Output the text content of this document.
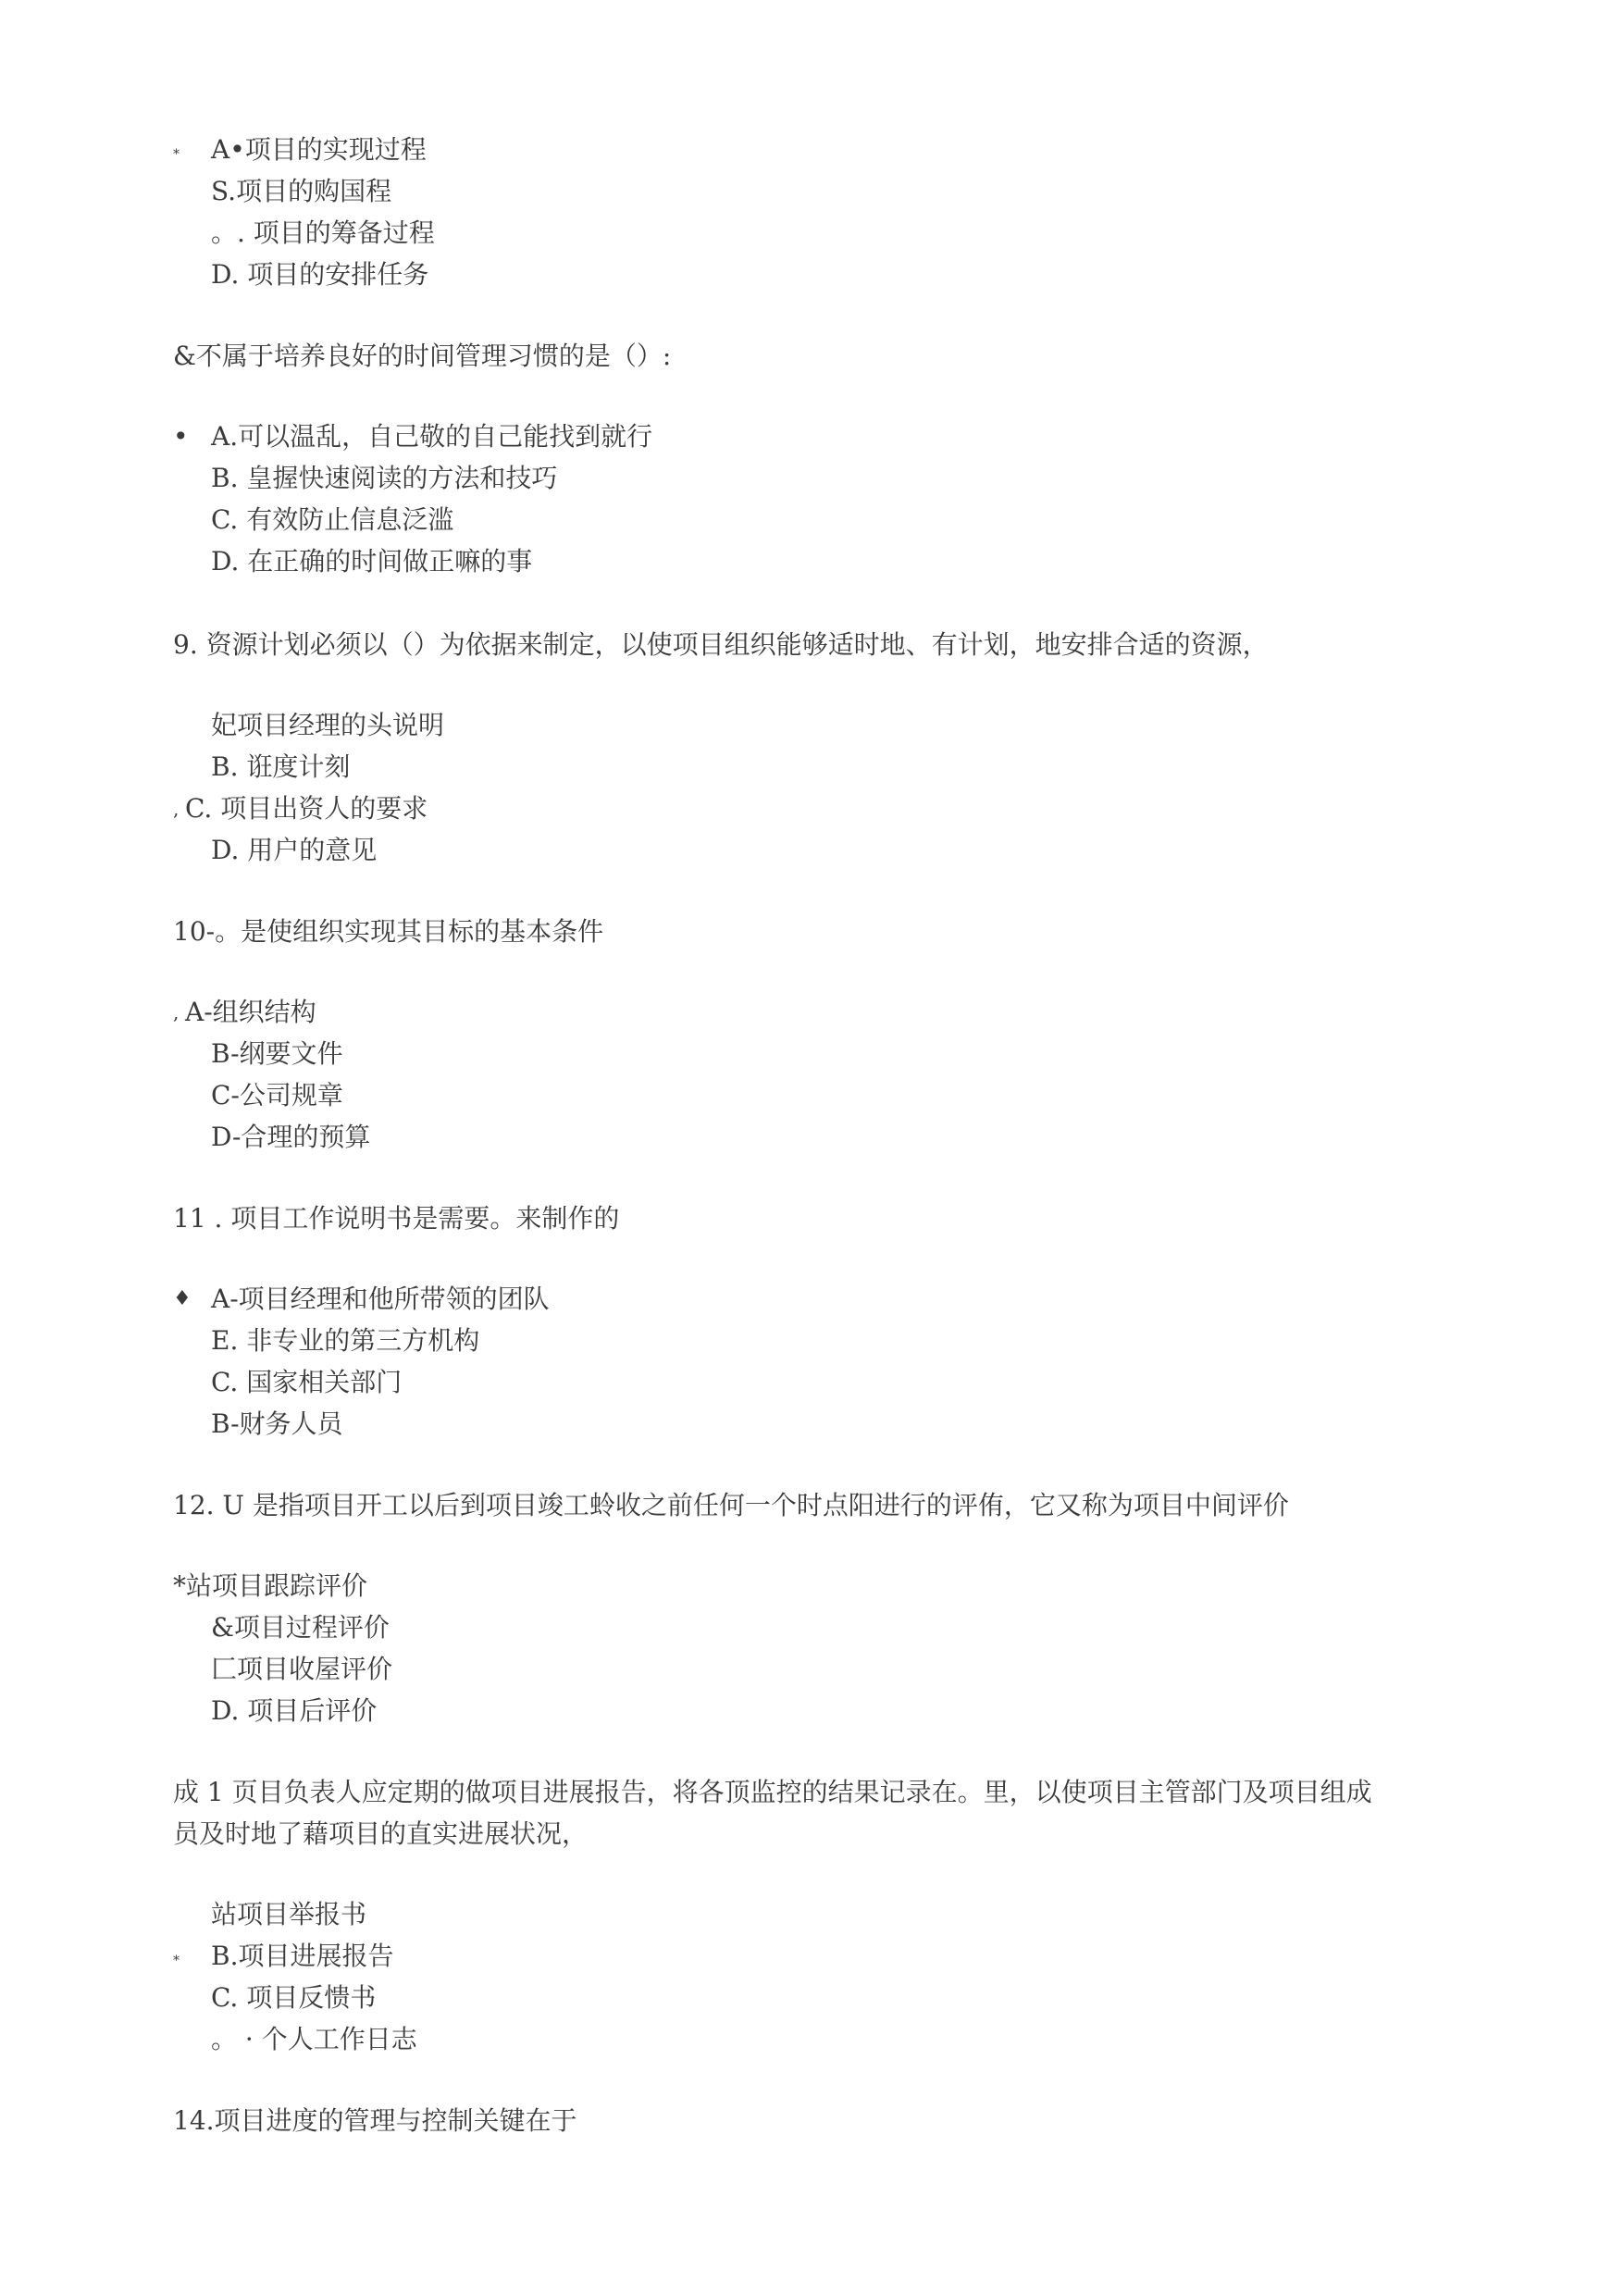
* A•项目的实现过程
S.项目的购国程
。. 项目的筹备过程
D. 项目的安排任务
&不属于培养良好的时间管理习惯的是（）:
• A.可以温乱，自己敬的自己能找到就行
B. 皇握快速阅读的方法和技巧
C. 有效防止信息泛滥
D. 在正确的时间做正嘛的事
9. 资源计划必须以（）为依据来制定，以使项目组织能够适时地、有计划，地安排合适的资源，
妃项目经理的头说明
B. 诳度计刻
, C. 项目出资人的要求
D. 用户的意见
10-。是使组织实现其目标的基本条件
, A-组织结构
B-纲要文件
C-公司规章
D-合理的预算
11 . 项目工作说明书是需要。来制作的
♦ A-项目经理和他所带领的团队
E. 非专业的第三方机构
C. 国家相关部门
B-财务人员
12. U 是指项目开工以后到项目竣工蛉收之前任何一个时点阳进行的评侑，它又称为项目中间评价
*站项目跟踪评价
&项目过程评价
匚项目收屋评价
D. 项目后评价
成 1 页目负表人应定期的做项目进展报告，将各顶监控的结果记录在。里，以使项目主管部门及项目组成
员及时地了藉项目的直实进展状况，
站项目举报书
* B.项目进展报告
C. 项目反愦书
。 · 个人工作日志
14.项目进度的管理与控制关键在于
